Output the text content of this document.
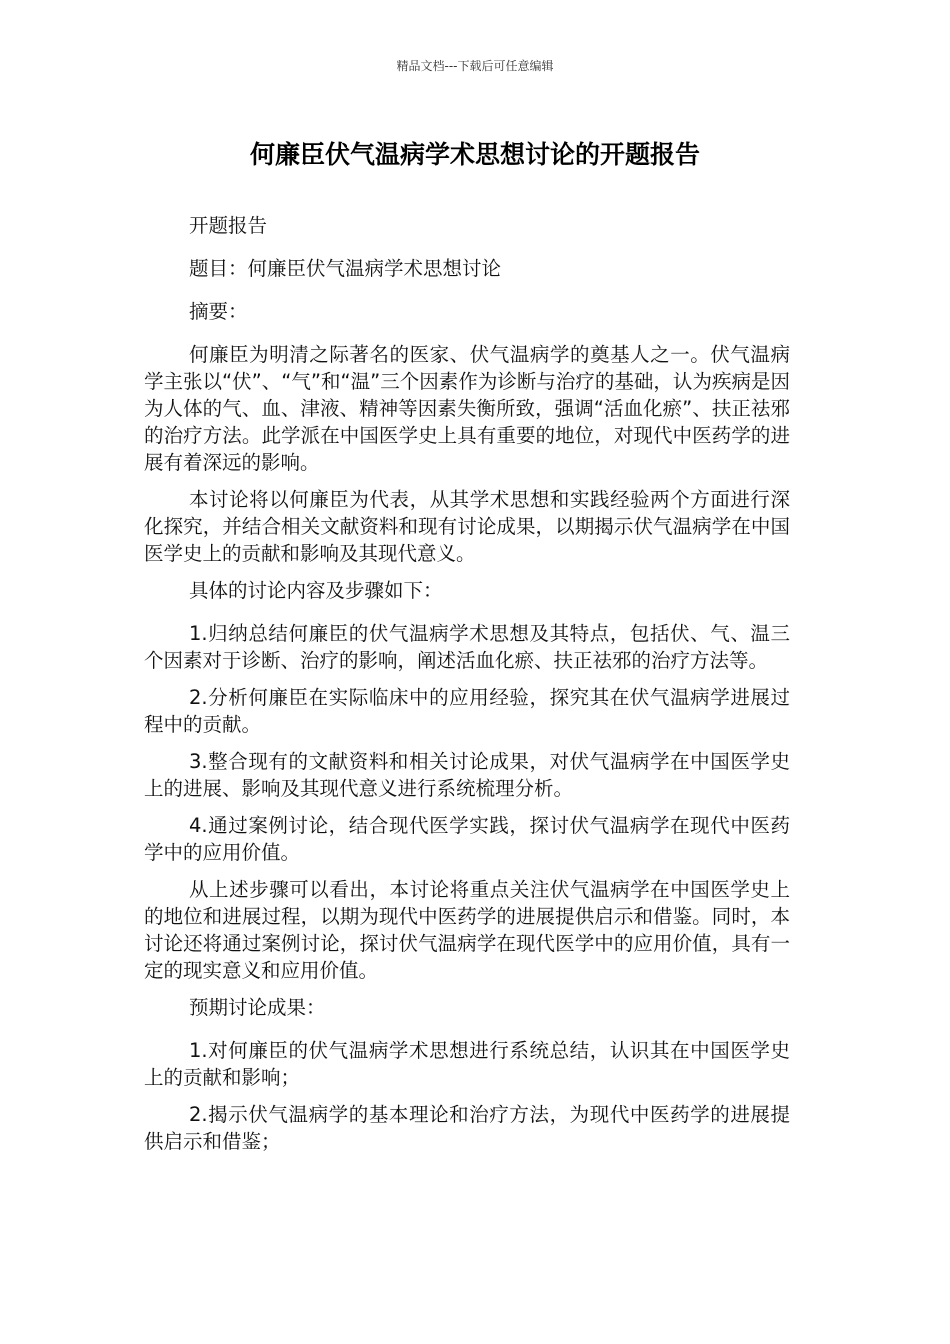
精品文档---下载后可任意编辑
何廉臣伏气温病学术思想讨论的开题报告

开题报告

题目：何廉臣伏气温病学术思想讨论

摘要：

何廉臣为明清之际著名的医家、伏气温病学的奠基人之一。伏气温病学主张以“伏”、“气”和“温”三个因素作为诊断与治疗的基础，认为疾病是因为人体的气、血、津液、精神等因素失衡所致，强调“活血化瘀”、扶正祛邪的治疗方法。此学派在中国医学史上具有重要的地位，对现代中医药学的进展有着深远的影响。

本讨论将以何廉臣为代表，从其学术思想和实践经验两个方面进行深化探究，并结合相关文献资料和现有讨论成果，以期揭示伏气温病学在中国医学史上的贡献和影响及其现代意义。

具体的讨论内容及步骤如下：

1.归纳总结何廉臣的伏气温病学术思想及其特点，包括伏、气、温三个因素对于诊断、治疗的影响，阐述活血化瘀、扶正祛邪的治疗方法等。

2.分析何廉臣在实际临床中的应用经验，探究其在伏气温病学进展过程中的贡献。

3.整合现有的文献资料和相关讨论成果，对伏气温病学在中国医学史上的进展、影响及其现代意义进行系统梳理分析。

4.通过案例讨论，结合现代医学实践，探讨伏气温病学在现代中医药学中的应用价值。

从上述步骤可以看出，本讨论将重点关注伏气温病学在中国医学史上的地位和进展过程，以期为现代中医药学的进展提供启示和借鉴。同时，本讨论还将通过案例讨论，探讨伏气温病学在现代医学中的应用价值，具有一定的现实意义和应用价值。

预期讨论成果：

1.对何廉臣的伏气温病学术思想进行系统总结，认识其在中国医学史上的贡献和影响；

2.揭示伏气温病学的基本理论和治疗方法，为现代中医药学的进展提供启示和借鉴；
